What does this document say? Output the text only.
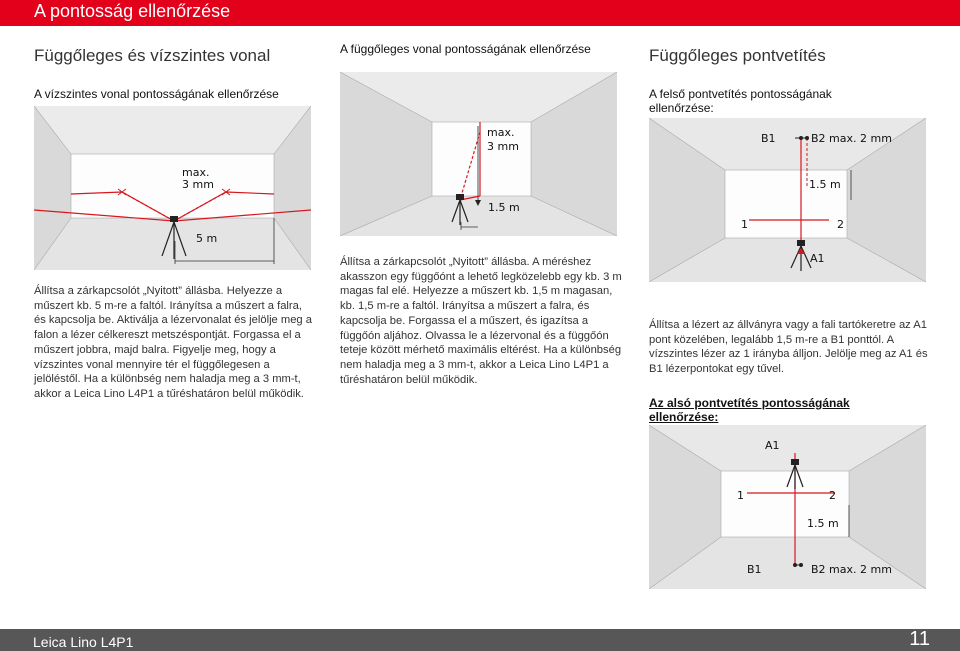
A pontosság ellenőrzése
Függőleges és vízszintes vonal
A vízszintes vonal pontosságának ellenőrzése
max.
3 mm
5 m
Állítsa a zárkapcsolót „Nyitott” állásba. Helyezze a műszert kb. 5 m-re a faltól. Irányítsa a műszert a falra, és kapcsolja be. Aktiválja a lézervonalat és jelölje meg a falon a lézer célkereszt metszéspontját. Forgassa el a műszert jobbra, majd balra. Figyelje meg, hogy a vízszintes vonal mennyire tér el függőlegesen a jelöléstől. Ha a különbség nem haladja meg a 3 mm-t, akkor a Leica Lino L4P1 a tűréshatáron belül működik.
A függőleges vonal pontosságának ellenőrzése
max.
3 mm
1.5 m
Állítsa a zárkapcsolót „Nyitott” állásba. A méréshez akasszon egy függőónt a lehető legközelebb egy kb. 3 m magas fal elé. Helyezze a műszert kb. 1,5 m magasan, kb. 1,5 m-re a faltól. Irányítsa a műszert a falra, és kapcsolja be. Forgassa el a műszert, és igazítsa a függőón aljához. Olvassa le a lézervonal és a függőón teteje között mérhető maximális eltérést. Ha a különbség nem haladja meg a 3 mm-t, akkor a Leica Lino L4P1 a tűréshatáron belül működik.
Függőleges pontvetítés
A felső pontvetítés pontosságának ellenőrzése:
B1	B2 max. 2 mm
1.5 m
1	2
A1
Állítsa a lézert az állványra vagy a fali tartókeretre az A1 pont közelében, legalább 1,5 m-re a B1 ponttól. A vízszintes lézer az 1 irányba álljon. Jelölje meg az A1 és B1 lézerpontokat egy tűvel.
Az alsó pontvetítés pontosságának ellenőrzése:
A1
1	2
1.5 m
B1	B2 max. 2 mm
Leica Lino L4P1	11
